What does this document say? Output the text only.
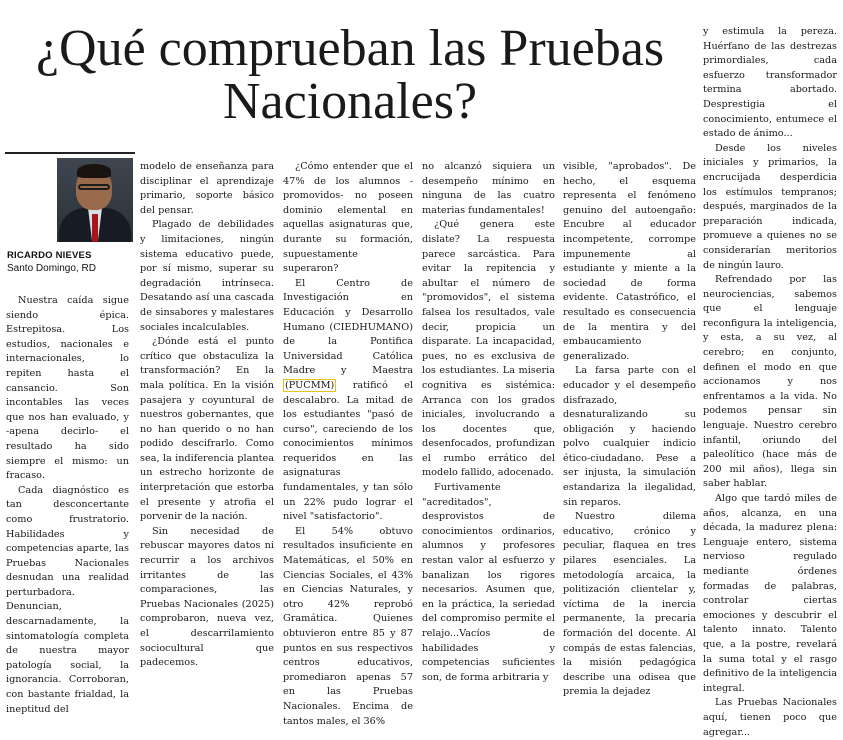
¿Qué comprueban las Pruebas Nacionales?
RICARDO NIEVES
Santo Domingo, RD

Nuestra caída sigue siendo épica. Estrepitosa. Los estudios, nacionales e internacionales, lo repiten hasta el cansancio. Son incontables las veces que nos han evaluado, y -apena decirlo- el resultado ha sido siempre el mismo: un fracaso.

Cada diagnóstico es tan desconcertante como frustratorio. Habilidades y competencias aparte, las Pruebas Nacionales desnudan una realidad perturbadora. Denuncian, descarnadamente, la sintomatología completa de nuestra mayor patología social, la ignorancia. Corroboran, con bastante frialdad, la ineptitud del

modelo de enseñanza para disciplinar el aprendizaje primario, soporte básico del pensar.

Plagado de debilidades y limitaciones, ningún sistema educativo puede, por sí mismo, superar su degradación intrínseca. Desatando así una cascada de sinsabores y malestares sociales incalculables.

¿Dónde está el punto crítico que obstaculiza la transformación? En la mala política. En la visión pasajera y coyuntural de nuestros gobernantes, que no han querido o no han podido descifrarlo. Como sea, la indiferencia plantea un estrecho horizonte de interpretación que estorba el presente y atrofia el porvenir de la nación.

Sin necesidad de rebuscar mayores datos ni recurrir a los archivos irritantes de las comparaciones, las Pruebas Nacionales (2025) comprobaron, nueva vez, el descarrilamiento sociocultural que padecemos.

¿Cómo entender que el 47% de los alumnos -promovidos- no poseen dominio elemental en aquellas asignaturas que, durante su formación, supuestamente superaron?

El Centro de Investigación en Educación y Desarrollo Humano (CIEDHUMANO) de la Pontifica Universidad Católica Madre y Maestra (PUCMM) ratificó el descalabro. La mitad de los estudiantes "pasó de curso", careciendo de los conocimientos mínimos requeridos en las asignaturas fundamentales, y tan sólo un 22% pudo lograr el nivel "satisfactorio".

El 54% obtuvo resultados insuficiente en Matemáticas, el 50% en Ciencias Sociales, el 43% en Ciencias Naturales, y otro 42% reprobó Gramática. Quienes obtuvieron entre 85 y 87 puntos en sus respectivos centros educativos, promediaron apenas 57 en las Pruebas Nacionales. Encima de tantos males, el 36%

no alcanzó siquiera un desempeño mínimo en ninguna de las cuatro materias fundamentales!

¿Qué genera este dislate? La respuesta parece sarcástica. Para evitar la repitencia y abultar el número de "promovidos", el sistema falsea los resultados, vale decir, propicia un disparate. La incapacidad, pues, no es exclusiva de los estudiantes. La miseria cognitiva es sistémica: Arranca con los grados iniciales, involucrando a los docentes que, desenfocados, profundizan el rumbo errático del modelo fallido, adocenado.

Furtivamente "acreditados", desprovistos de conocimientos ordinarios, alumnos y profesores restan valor al esfuerzo y banalizan los rigores necesarios. Asumen que, en la práctica, la seriedad del compromiso permite el relajo...Vacíos de habilidades y competencias suficientes son, de forma arbitraria y

visible, "aprobados". De hecho, el esquema representa el fenómeno genuino del autoengaño: Encubre al educador incompetente, corrompe impunemente al estudiante y miente a la sociedad de forma evidente. Catastrófico, el resultado es consecuencia de la mentira y del embaucamiento generalizado.

La farsa parte con el educador y el desempeño disfrazado, desnaturalizando su obligación y haciendo polvo cualquier indicio ético-ciudadano. Pese a ser injusta, la simulación estandariza la ilegalidad, sin reparos.

Nuestro dilema educativo, crónico y peculiar, flaquea en tres pilares esenciales. La metodología arcaica, la politización clientelar y, víctima de la inercia permanente, la precaria formación del docente. Al compás de estas falencias, la misión pedagógica describe una odisea que premia la dejadez

y estimula la pereza. Huérfano de las destrezas primordiales, cada esfuerzo transformador termina abortado. Desprestigia el conocimiento, entumece el estado de ánimo...

Desde los niveles iniciales y primarios, la encrucijada desperdicia los estímulos tempranos; después, marginados de la preparación indicada, promueve a quienes no se considerarían meritorios de ningún lauro.

Refrendado por las neurociencias, sabemos que el lenguaje reconfigura la inteligencia, y esta, a su vez, al cerebro; en conjunto, definen el modo en que accionamos y nos enfrentamos a la vida. No podemos pensar sin lenguaje. Nuestro cerebro infantil, oriundo del paleolítico (hace más de 200 mil años), llega sin saber hablar.

Algo que tardó miles de años, alcanza, en una década, la madurez plena: Lenguaje entero, sistema nervioso regulado mediante órdenes formadas de palabras, controlar ciertas emociones y descubrir el talento innato. Talento que, a la postre, revelará la suma total y el rasgo definitivo de la inteligencia integral.

Las Pruebas Nacionales aquí, tienen poco que agregar...
